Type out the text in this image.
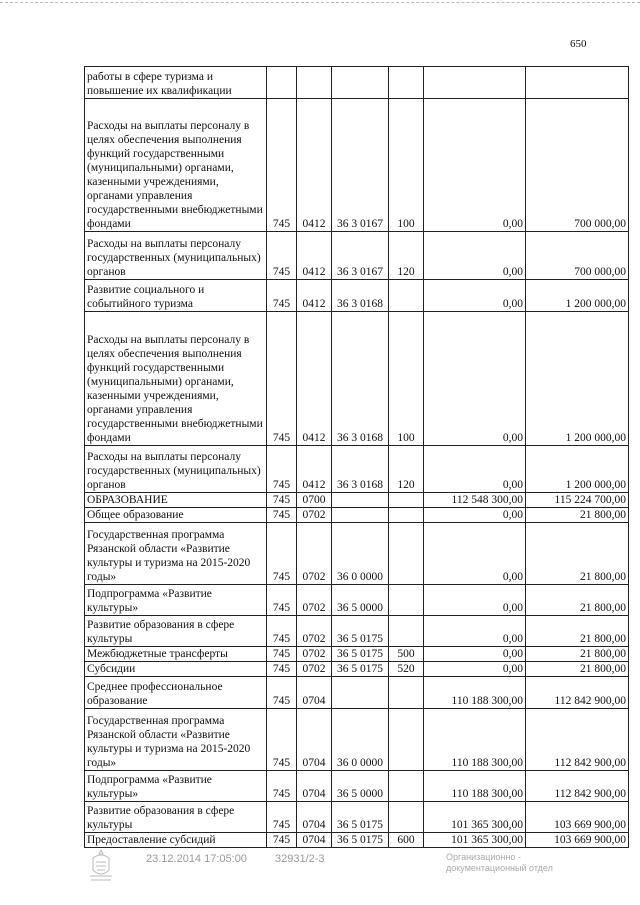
650
работы в сфере туризма и повышение их квалификации						
Расходы на выплаты персоналу в целях обеспечения выполнения функций государственными (муниципальными) органами, казенными учреждениями, органами управления государственными внебюджетными фондами	745	0412	36 3 0167	100	0,00	700 000,00
Расходы на выплаты персоналу государственных (муниципальных) органов	745	0412	36 3 0167	120	0,00	700 000,00
Развитие социального и событийного туризма	745	0412	36 3 0168		0,00	1 200 000,00
Расходы на выплаты персоналу в целях обеспечения выполнения функций государственными (муниципальными) органами, казенными учреждениями, органами управления государственными внебюджетными фондами	745	0412	36 3 0168	100	0,00	1 200 000,00
Расходы на выплаты персоналу государственных (муниципальных) органов	745	0412	36 3 0168	120	0,00	1 200 000,00
ОБРАЗОВАНИЕ	745	0700			112 548 300,00	115 224 700,00
Общее образование	745	0702			0,00	21 800,00
Государственная программа Рязанской области «Развитие культуры и туризма на 2015-2020 годы»	745	0702	36 0 0000		0,00	21 800,00
Подпрограмма «Развитие культуры»	745	0702	36 5 0000		0,00	21 800,00
Развитие образования в сфере культуры	745	0702	36 5 0175		0,00	21 800,00
Межбюджетные трансферты	745	0702	36 5 0175	500	0,00	21 800,00
Субсидии	745	0702	36 5 0175	520	0,00	21 800,00
Среднее профессиональное образование	745	0704			110 188 300,00	112 842 900,00
Государственная программа Рязанской области «Развитие культуры и туризма на 2015-2020 годы»	745	0704	36 0 0000		110 188 300,00	112 842 900,00
Подпрограмма «Развитие культуры»	745	0704	36 5 0000		110 188 300,00	112 842 900,00
Развитие образования в сфере культуры	745	0704	36 5 0175		101 365 300,00	103 669 900,00
Предоставление субсидий	745	0704	36 5 0175	600	101 365 300,00	103 669 900,00
23.12.2014 17:05:00	32931/2-3	Организационно -
документационный отдел
